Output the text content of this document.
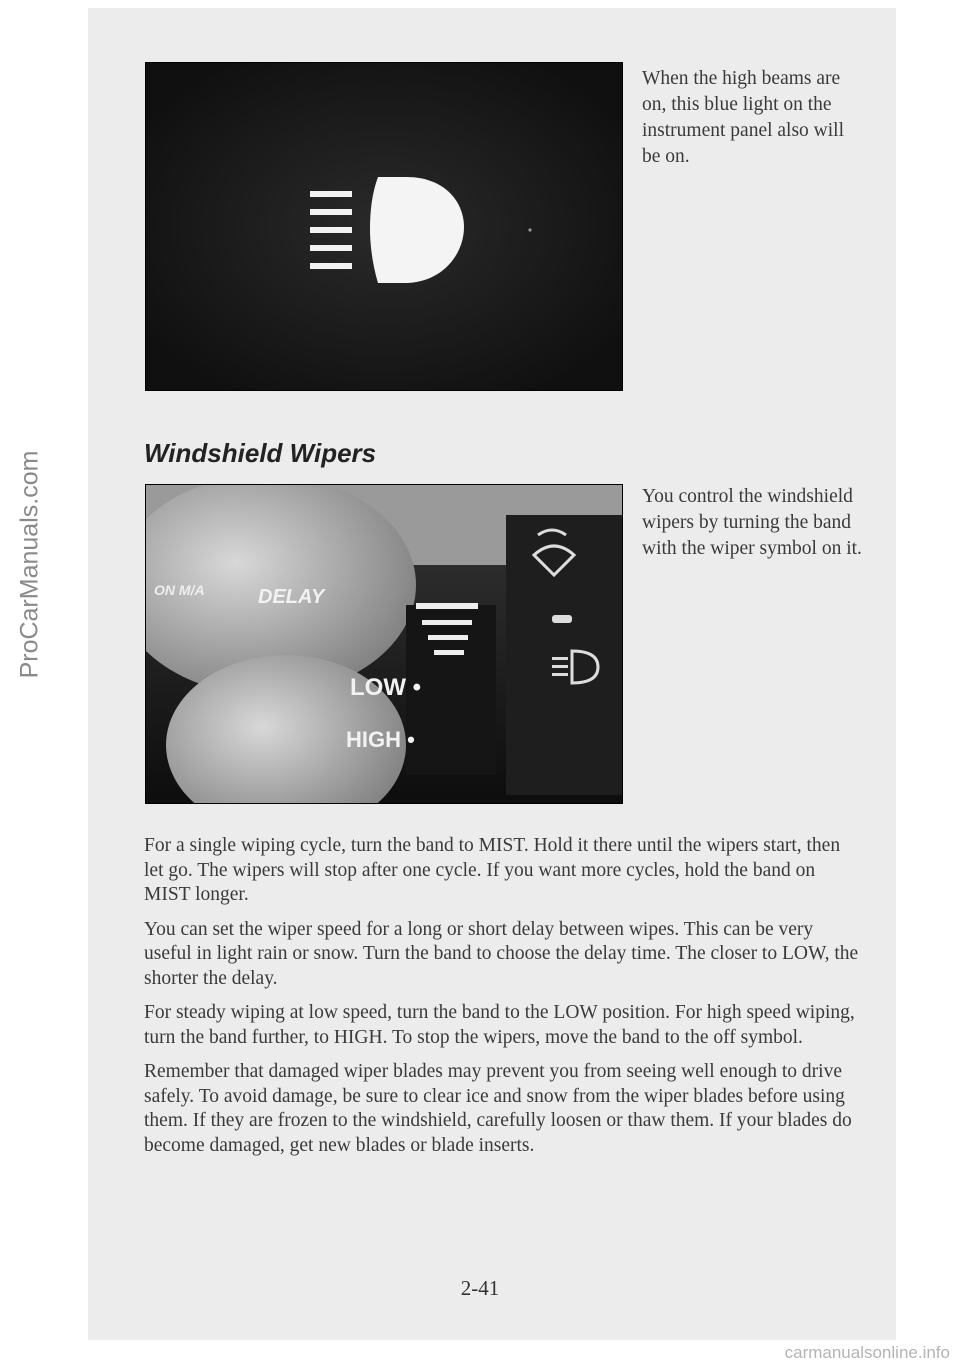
ProCarManuals.com
When the high beams are on, this blue light on the instrument panel also will be on.
Windshield Wipers
ON M/A	DELAY
LOW •
HIGH •
You control the windshield wipers by turning the band with the wiper symbol on it.

For a single wiping cycle, turn the band to MIST. Hold it there until the wipers start, then let go. The wipers will stop after one cycle. If you want more cycles, hold the band on MIST longer.

You can set the wiper speed for a long or short delay between wipes. This can be very useful in light rain or snow. Turn the band to choose the delay time. The closer to LOW, the shorter the delay.

For steady wiping at low speed, turn the band to the LOW position. For high speed wiping, turn the band further, to HIGH. To stop the wipers, move the band to the off symbol.

Remember that damaged wiper blades may prevent you from seeing well enough to drive safely. To avoid damage, be sure to clear ice and snow from the wiper blades before using them. If they are frozen to the windshield, carefully loosen or thaw them. If your blades do become damaged, get new blades or blade inserts.

2-41
carmanualsonline.info
